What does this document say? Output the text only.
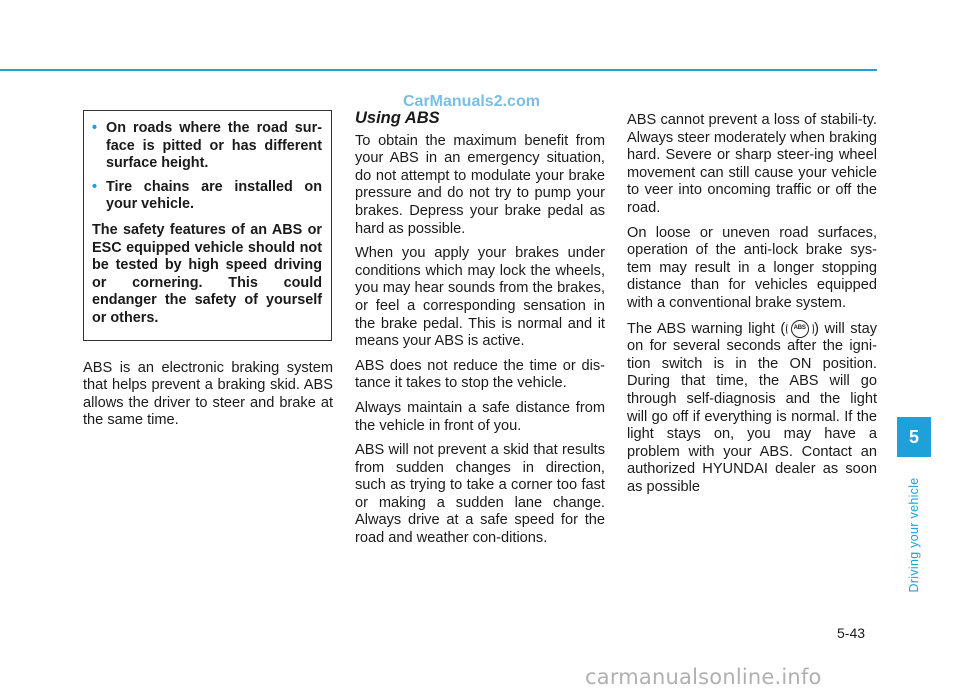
CarManuals2.com
• On roads where the road sur-face is pitted or has different surface height.
• Tire chains are installed on your vehicle.

The safety features of an ABS or ESC equipped vehicle should not be tested by high speed driving or cornering. This could endanger the safety of yourself or others.

ABS is an electronic braking system that helps prevent a braking skid. ABS allows the driver to steer and brake at the same time.

Using ABS

To obtain the maximum benefit from your ABS in an emergency situation, do not attempt to modulate your brake pressure and do not try to pump your brakes. Depress your brake pedal as hard as possible.

When you apply your brakes under conditions which may lock the wheels, you may hear sounds from the brakes, or feel a corresponding sensation in the brake pedal. This is normal and it means your ABS is active.

ABS does not reduce the time or dis-tance it takes to stop the vehicle.

Always maintain a safe distance from the vehicle in front of you.

ABS will not prevent a skid that results from sudden changes in direction, such as trying to take a corner too fast or making a sudden lane change. Always drive at a safe speed for the road and weather con-ditions.

ABS cannot prevent a loss of stabili-ty. Always steer moderately when braking hard. Severe or sharp steer-ing wheel movement can still cause your vehicle to veer into oncoming traffic or off the road.

On loose or uneven road surfaces, operation of the anti-lock brake sys-tem may result in a longer stopping distance than for vehicles equipped with a conventional brake system.

The ABS warning light (	ABS ) will stay on for several seconds after the igni-tion switch is in the ON position. During that time, the ABS will go through self-diagnosis and the light will go off if everything is normal. If the light stays on, you may have a problem with your ABS. Contact an authorized HYUNDAI dealer as soon as possible

5
Driving your vehicle
5-43
carmanualsonline.info
